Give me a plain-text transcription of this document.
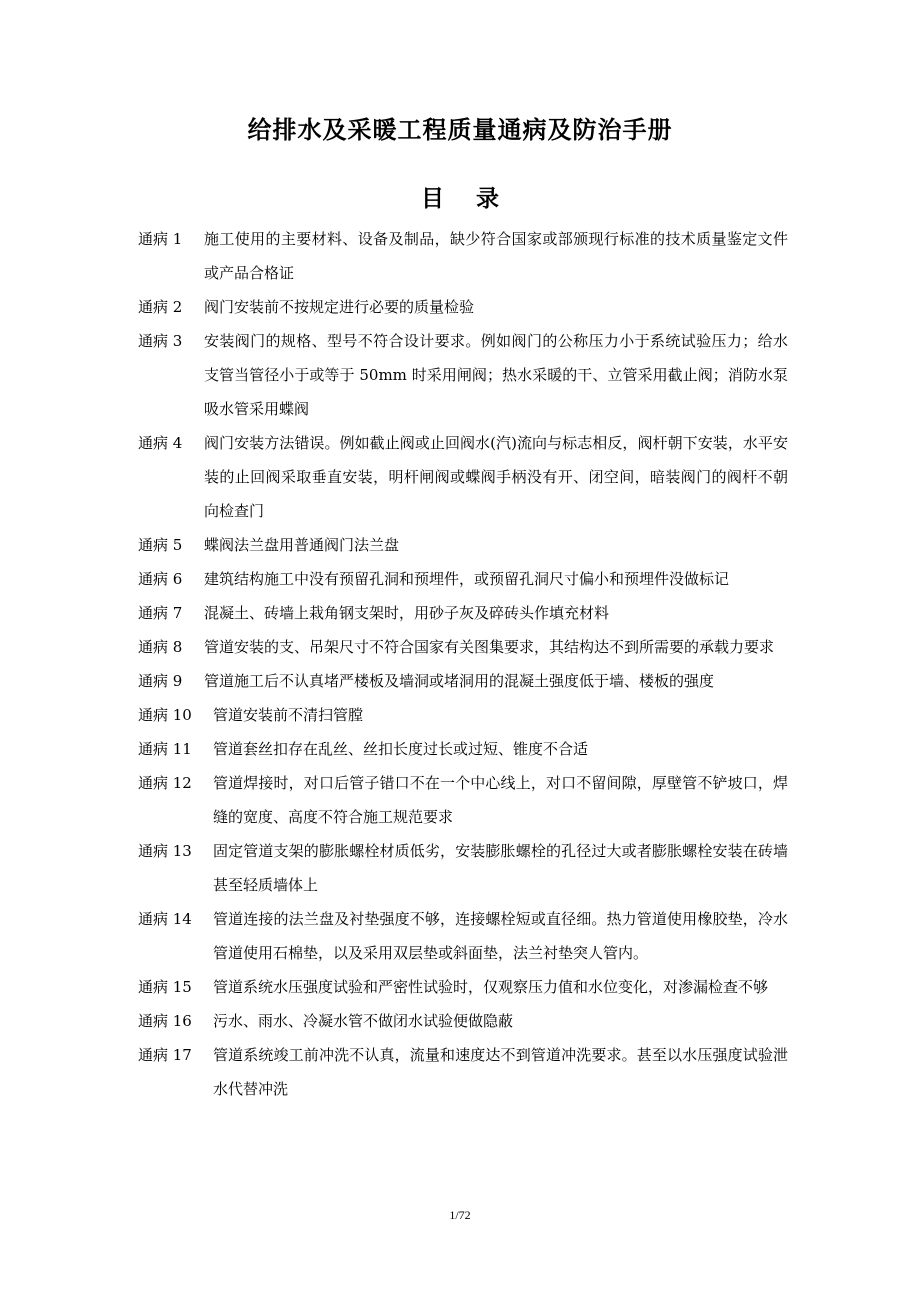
给排水及采暖工程质量通病及防治手册
目 录
通病 1	施工使用的主要材料、设备及制品，缺少符合国家或部颁现行标准的技术质量鉴定文件或产品合格证
通病 2	阀门安装前不按规定进行必要的质量检验
通病 3	安装阀门的规格、型号不符合设计要求。例如阀门的公称压力小于系统试验压力；给水支管当管径小于或等于 50mm 时采用闸阀；热水采暖的干、立管采用截止阀；消防水泵吸水管采用蝶阀
通病 4	阀门安装方法错误。例如截止阀或止回阀水(汽)流向与标志相反，阀杆朝下安装，水平安装的止回阀采取垂直安装，明杆闸阀或蝶阀手柄没有开、闭空间，暗装阀门的阀杆不朝向检查门
通病 5	蝶阀法兰盘用普通阀门法兰盘
通病 6	建筑结构施工中没有预留孔洞和预埋件，或预留孔洞尺寸偏小和预埋件没做标记
通病 7	混凝土、砖墙上栽角钢支架时，用砂子灰及碎砖头作填充材料
通病 8	管道安装的支、吊架尺寸不符合国家有关图集要求，其结构达不到所需要的承载力要求
通病 9	管道施工后不认真堵严楼板及墙洞或堵洞用的混凝土强度低于墙、楼板的强度
通病 10	管道安装前不清扫管膛
通病 11	管道套丝扣存在乱丝、丝扣长度过长或过短、锥度不合适
通病 12	管道焊接时，对口后管子错口不在一个中心线上，对口不留间隙，厚壁管不铲坡口，焊缝的宽度、高度不符合施工规范要求
通病 13	固定管道支架的膨胀螺栓材质低劣，安装膨胀螺栓的孔径过大或者膨胀螺栓安装在砖墙甚至轻质墙体上
通病 14	管道连接的法兰盘及衬垫强度不够，连接螺栓短或直径细。热力管道使用橡胶垫，冷水管道使用石棉垫，以及采用双层垫或斜面垫，法兰衬垫突人管内。
通病 15	管道系统水压强度试验和严密性试验时，仅观察压力值和水位变化，对渗漏检查不够
通病 16	污水、雨水、冷凝水管不做闭水试验便做隐蔽
通病 17	管道系统竣工前冲洗不认真，流量和速度达不到管道冲洗要求。甚至以水压强度试验泄水代替冲洗
1/72
